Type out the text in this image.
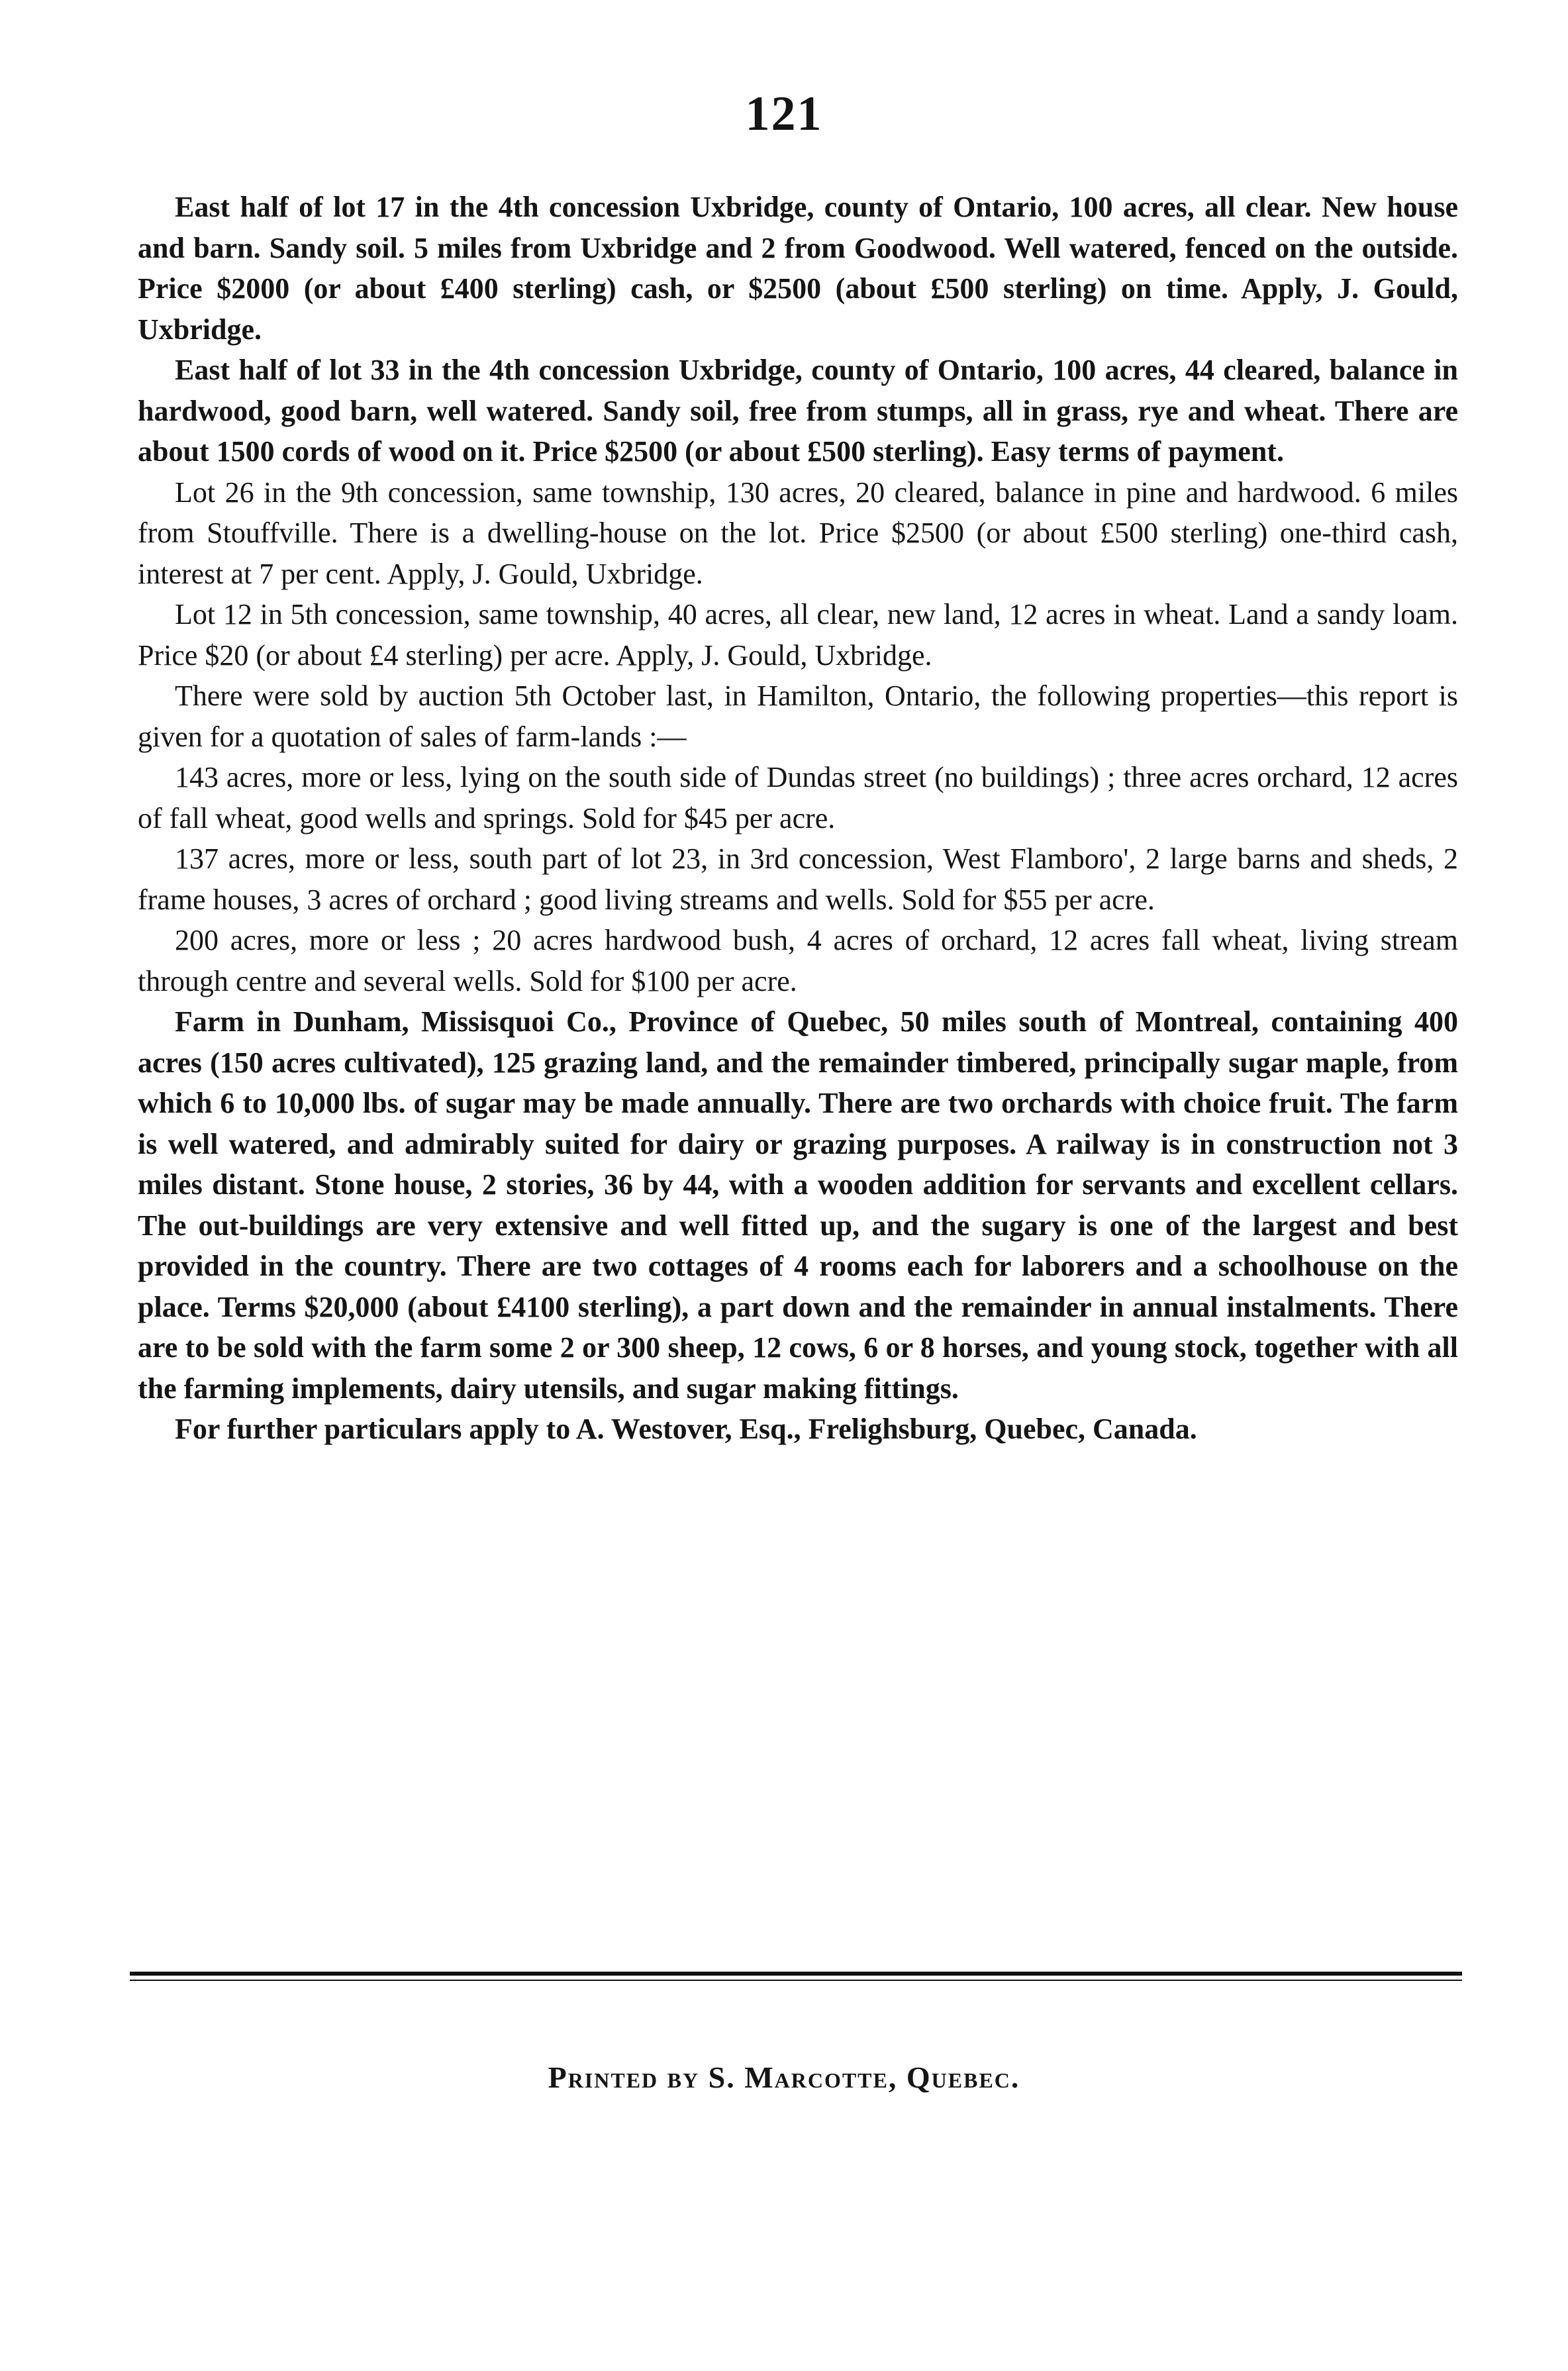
121

East half of lot 17 in the 4th concession Uxbridge, county of Ontario, 100 acres, all clear. New house and barn. Sandy soil. 5 miles from Uxbridge and 2 from Goodwood. Well watered, fenced on the outside. Price $2000 (or about £400 sterling) cash, or $2500 (about £500 sterling) on time. Apply, J. Gould, Uxbridge.

East half of lot 33 in the 4th concession Uxbridge, county of Ontario, 100 acres, 44 cleared, balance in hardwood, good barn, well watered. Sandy soil, free from stumps, all in grass, rye and wheat. There are about 1500 cords of wood on it. Price $2500 (or about £500 sterling). Easy terms of payment.

Lot 26 in the 9th concession, same township, 130 acres, 20 cleared, balance in pine and hardwood. 6 miles from Stouffville. There is a dwelling-house on the lot. Price $2500 (or about £500 sterling) one-third cash, interest at 7 per cent. Apply, J. Gould, Uxbridge.

Lot 12 in 5th concession, same township, 40 acres, all clear, new land, 12 acres in wheat. Land a sandy loam. Price $20 (or about £4 sterling) per acre. Apply, J. Gould, Uxbridge.

There were sold by auction 5th October last, in Hamilton, Ontario, the following properties—this report is given for a quotation of sales of farm-lands :—

143 acres, more or less, lying on the south side of Dundas street (no buildings) ; three acres orchard, 12 acres of fall wheat, good wells and springs. Sold for $45 per acre.

137 acres, more or less, south part of lot 23, in 3rd concession, West Flamboro', 2 large barns and sheds, 2 frame houses, 3 acres of orchard ; good living streams and wells. Sold for $55 per acre.

200 acres, more or less ; 20 acres hardwood bush, 4 acres of orchard, 12 acres fall wheat, living stream through centre and several wells. Sold for $100 per acre.

Farm in Dunham, Missisquoi Co., Province of Quebec, 50 miles south of Montreal, containing 400 acres (150 acres cultivated), 125 grazing land, and the remainder timbered, principally sugar maple, from which 6 to 10,000 lbs. of sugar may be made annually. There are two orchards with choice fruit. The farm is well watered, and admirably suited for dairy or grazing purposes. A railway is in construction not 3 miles distant. Stone house, 2 stories, 36 by 44, with a wooden addition for servants and excellent cellars. The out-buildings are very extensive and well fitted up, and the sugary is one of the largest and best provided in the country. There are two cottages of 4 rooms each for laborers and a schoolhouse on the place. Terms $20,000 (about £4100 sterling), a part down and the remainder in annual instalments. There are to be sold with the farm some 2 or 300 sheep, 12 cows, 6 or 8 horses, and young stock, together with all the farming implements, dairy utensils, and sugar making fittings.

For further particulars apply to A. Westover, Esq., Frelighsburg, Quebec, Canada.

Printed by S. Marcotte, Quebec.
